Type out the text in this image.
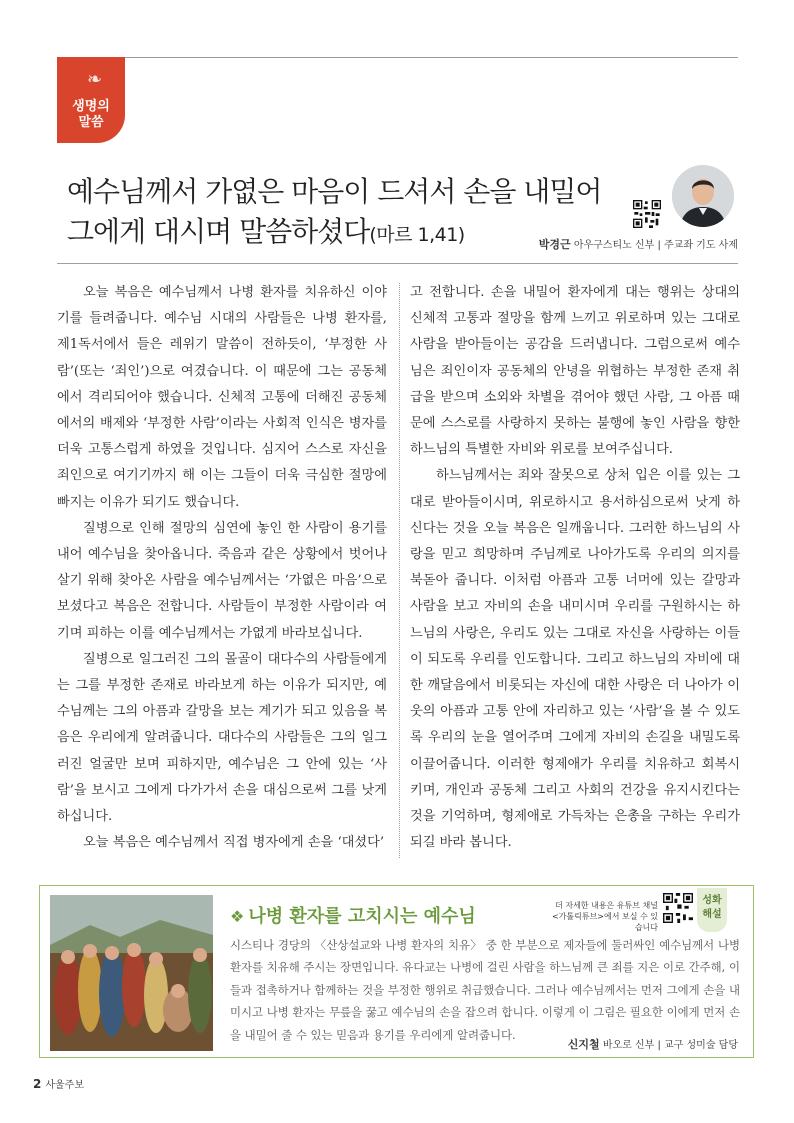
❧
생명의
말씀
예수님께서 가엾은 마음이 드셔서 손을 내밀어
그에게 대시며 말씀하셨다(마르 1,41)	박경근 아우구스티노 신부 | 주교좌 기도 사제

오늘 복음은 예수님께서 나병 환자를 치유하신 이야기를 들려줍니다. 예수님 시대의 사람들은 나병 환자를, 제1독서에서 들은 레위기 말씀이 전하듯이, ‘부정한 사람’(또는 ‘죄인’)으로 여겼습니다. 이 때문에 그는 공동체에서 격리되어야 했습니다. 신체적 고통에 더해진 공동체에서의 배제와 ‘부정한 사람’이라는 사회적 인식은 병자를 더욱 고통스럽게 하였을 것입니다. 심지어 스스로 자신을 죄인으로 여기기까지 해 이는 그들이 더욱 극심한 절망에 빠지는 이유가 되기도 했습니다.

질병으로 인해 절망의 심연에 놓인 한 사람이 용기를 내어 예수님을 찾아옵니다. 죽음과 같은 상황에서 벗어나 살기 위해 찾아온 사람을 예수님께서는 ‘가엾은 마음’으로 보셨다고 복음은 전합니다. 사람들이 부정한 사람이라 여기며 피하는 이를 예수님께서는 가엾게 바라보십니다.

질병으로 일그러진 그의 몰골이 대다수의 사람들에게는 그를 부정한 존재로 바라보게 하는 이유가 되지만, 예수님께는 그의 아픔과 갈망을 보는 계기가 되고 있음을 복음은 우리에게 알려줍니다. 대다수의 사람들은 그의 일그러진 얼굴만 보며 피하지만, 예수님은 그 안에 있는 ‘사람’을 보시고 그에게 다가가서 손을 대심으로써 그를 낫게 하십니다.

오늘 복음은 예수님께서 직접 병자에게 손을 ‘대셨다’

고 전합니다. 손을 내밀어 환자에게 대는 행위는 상대의 신체적 고통과 절망을 함께 느끼고 위로하며 있는 그대로 사람을 받아들이는 공감을 드러냅니다. 그럼으로써 예수님은 죄인이자 공동체의 안녕을 위협하는 부정한 존재 취급을 받으며 소외와 차별을 겪어야 했던 사람, 그 아픔 때문에 스스로를 사랑하지 못하는 불행에 놓인 사람을 향한 하느님의 특별한 자비와 위로를 보여주십니다.

하느님께서는 죄와 잘못으로 상처 입은 이를 있는 그대로 받아들이시며, 위로하시고 용서하심으로써 낫게 하신다는 것을 오늘 복음은 일깨웁니다. 그러한 하느님의 사랑을 믿고 희망하며 주님께로 나아가도록 우리의 의지를 북돋아 줍니다. 이처럼 아픔과 고통 너머에 있는 갈망과 사람을 보고 자비의 손을 내미시며 우리를 구원하시는 하느님의 사랑은, 우리도 있는 그대로 자신을 사랑하는 이들이 되도록 우리를 인도합니다. 그리고 하느님의 자비에 대한 깨달음에서 비롯되는 자신에 대한 사랑은 더 나아가 이웃의 아픔과 고통 안에 자리하고 있는 ‘사람’을 볼 수 있도록 우리의 눈을 열어주며 그에게 자비의 손길을 내밀도록 이끌어줍니다. 이러한 형제애가 우리를 치유하고 회복시키며, 개인과 공동체 그리고 사회의 건강을 유지시킨다는 것을 기억하며, 형제애로 가득차는 은총을 구하는 우리가 되길 바라 봅니다.

❖ 나병 환자를 고치시는 예수님
더 자세한 내용은 유튜브 채널
<가톨릭튜브>에서 보실 수 있습니다
성화
해설
시스티나 경당의 〈산상설교와 나병 환자의 치유〉 중 한 부분으로 제자들에 둘러싸인 예수님께서 나병 환자를 치유해 주시는 장면입니다. 유다교는 나병에 걸린 사람을 하느님께 큰 죄를 지은 이로 간주해, 이들과 접촉하거나 함께하는 것을 부정한 행위로 취급했습니다. 그러나 예수님께서는 먼저 그에게 손을 내미시고 나병 환자는 무릎을 꿇고 예수님의 손을 잡으려 합니다. 이렇게 이 그림은 필요한 이에게 먼저 손을 내밀어 줄 수 있는 믿음과 용기를 우리에게 알려줍니다.
신지철 바오로 신부 | 교구 성미술 담당
2 사울주보
